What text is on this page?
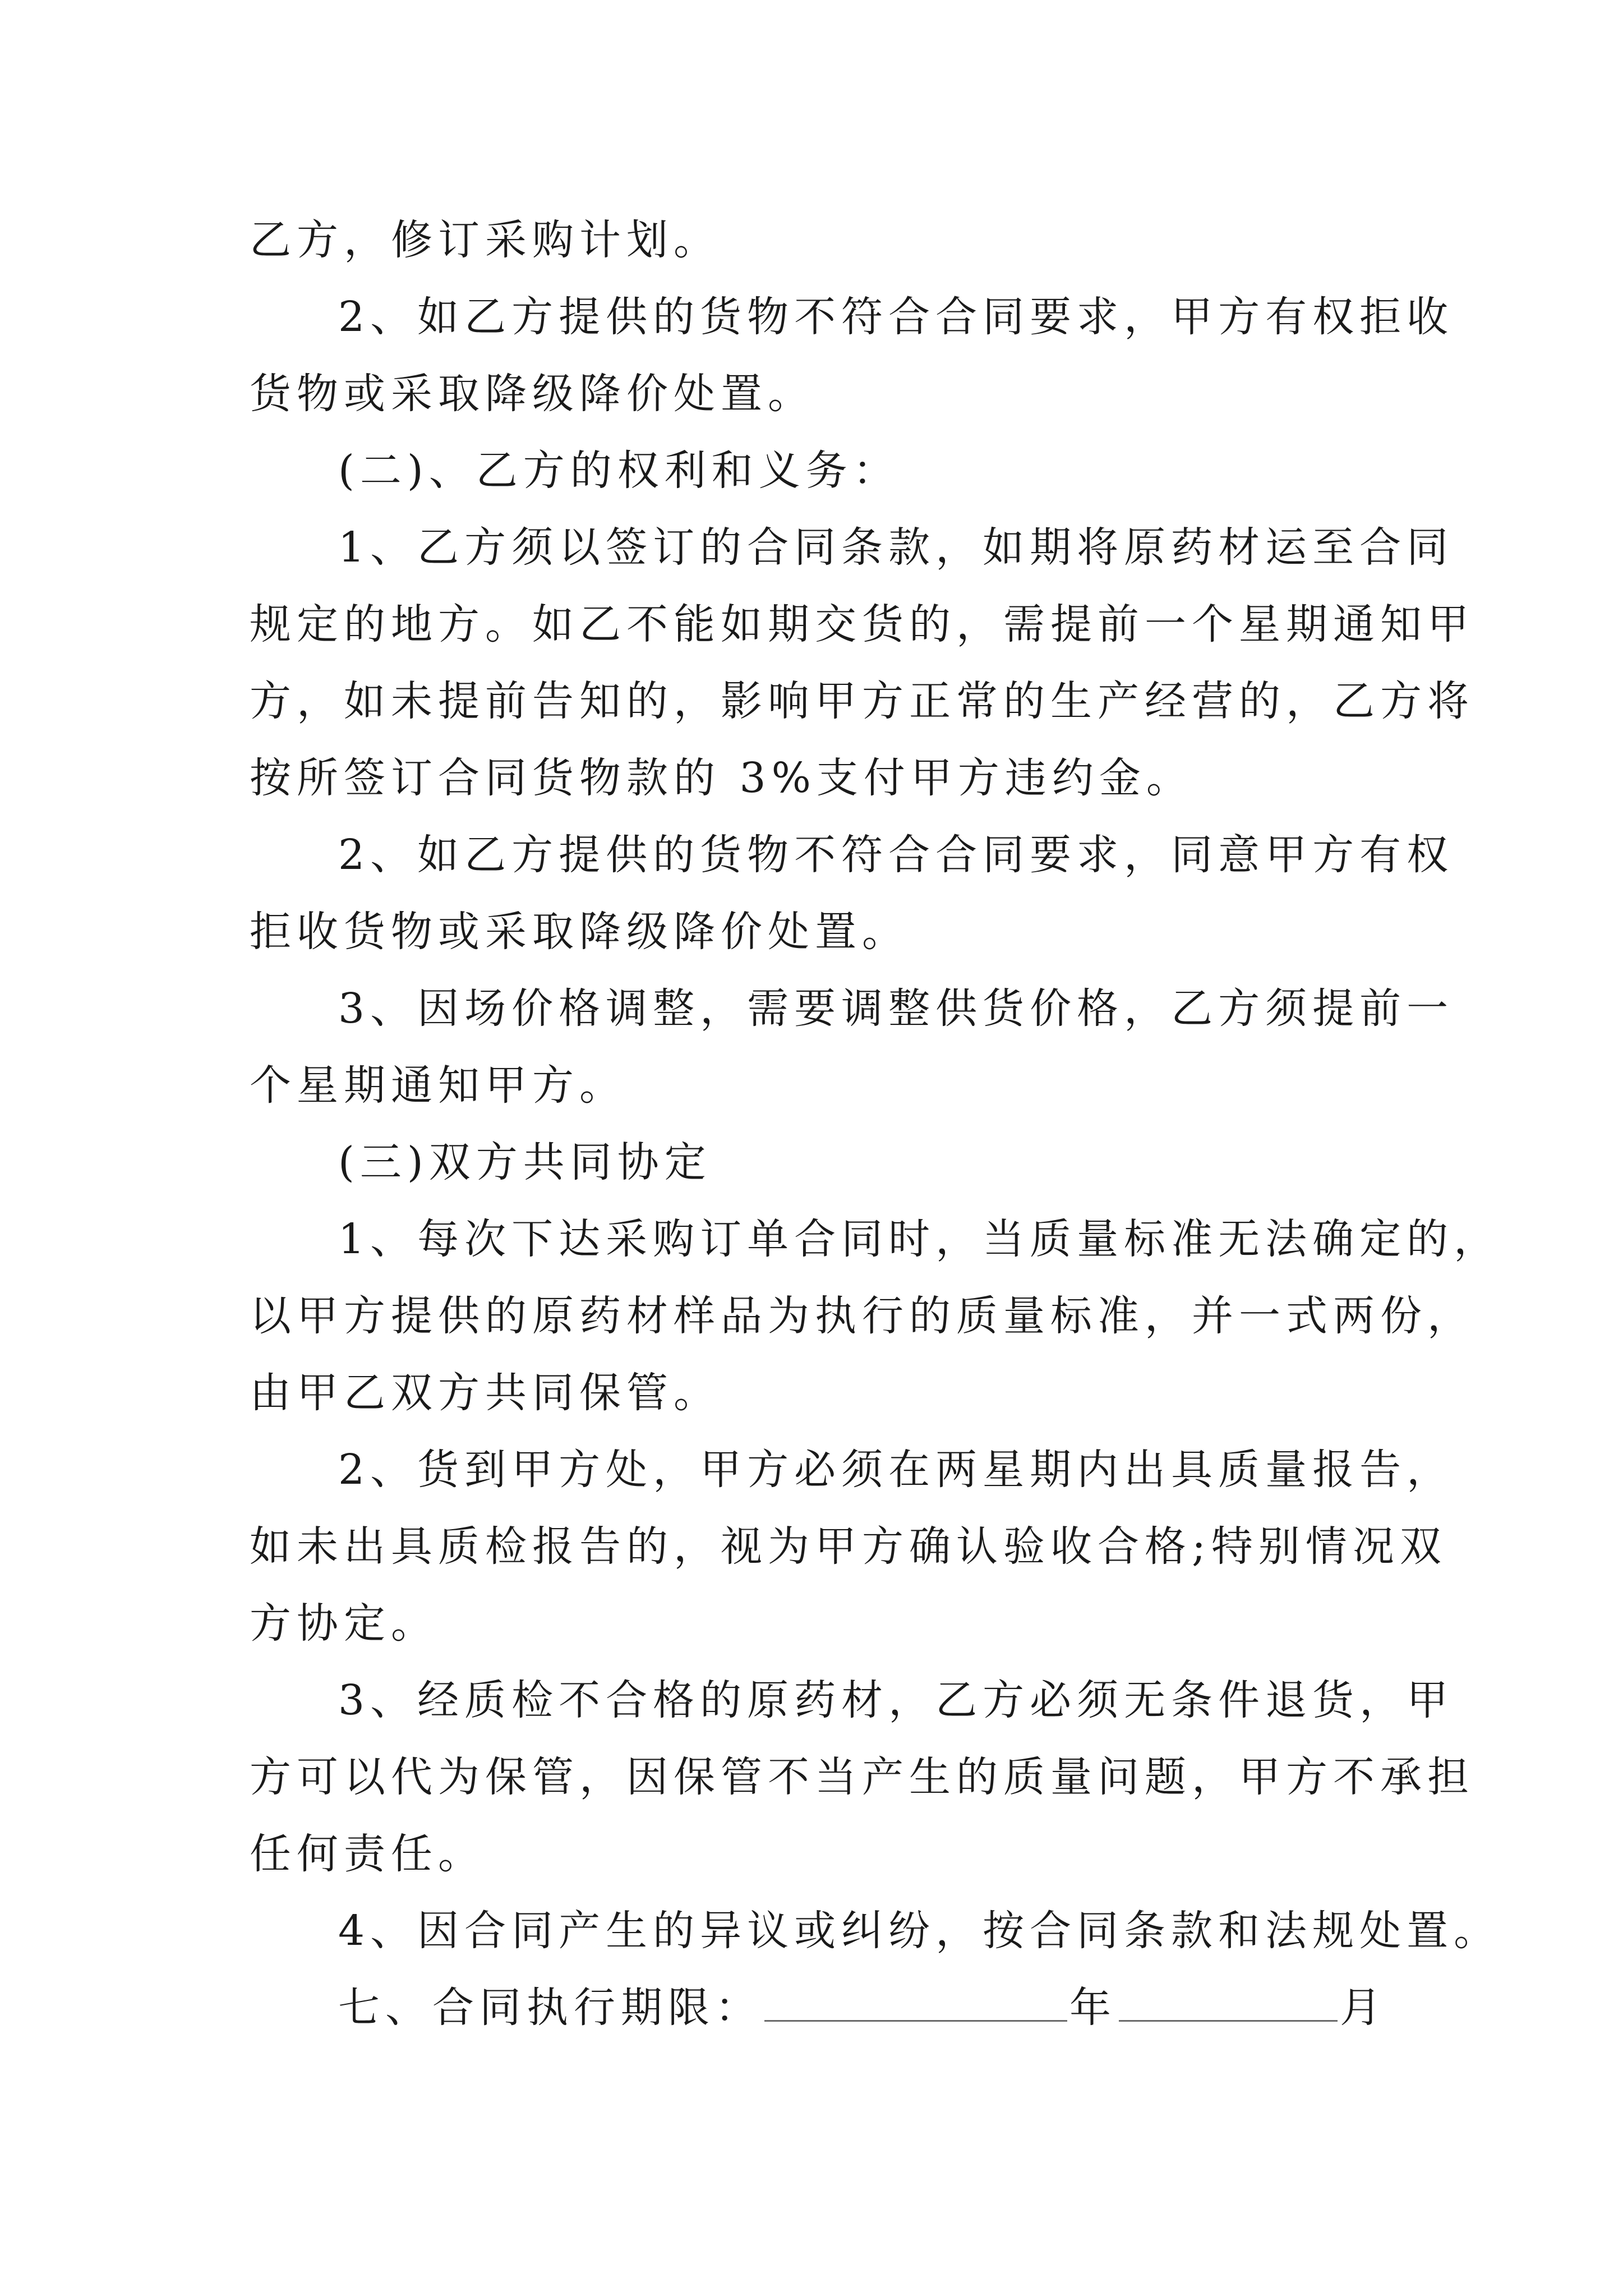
乙方，修订采购计划。
2、如乙方提供的货物不符合合同要求，甲方有权拒收
货物或采取降级降价处置。
(二)、乙方的权利和义务：
1、乙方须以签订的合同条款，如期将原药材运至合同
规定的地方。如乙不能如期交货的，需提前一个星期通知甲
方，如未提前告知的，影响甲方正常的生产经营的，乙方将
按所签订合同货物款的 3%支付甲方违约金。
2、如乙方提供的货物不符合合同要求，同意甲方有权
拒收货物或采取降级降价处置。
3、因场价格调整，需要调整供货价格，乙方须提前一
个星期通知甲方。
(三)双方共同协定
1、每次下达采购订单合同时，当质量标准无法确定的，
以甲方提供的原药材样品为执行的质量标准，并一式两份，
由甲乙双方共同保管。
2、货到甲方处，甲方必须在两星期内出具质量报告，
如未出具质检报告的，视为甲方确认验收合格;特别情况双
方协定。
3、经质检不合格的原药材，乙方必须无条件退货，甲
方可以代为保管，因保管不当产生的质量问题，甲方不承担
任何责任。
4、因合同产生的异议或纠纷，按合同条款和法规处置。
七、合同执行期限：	年	月
